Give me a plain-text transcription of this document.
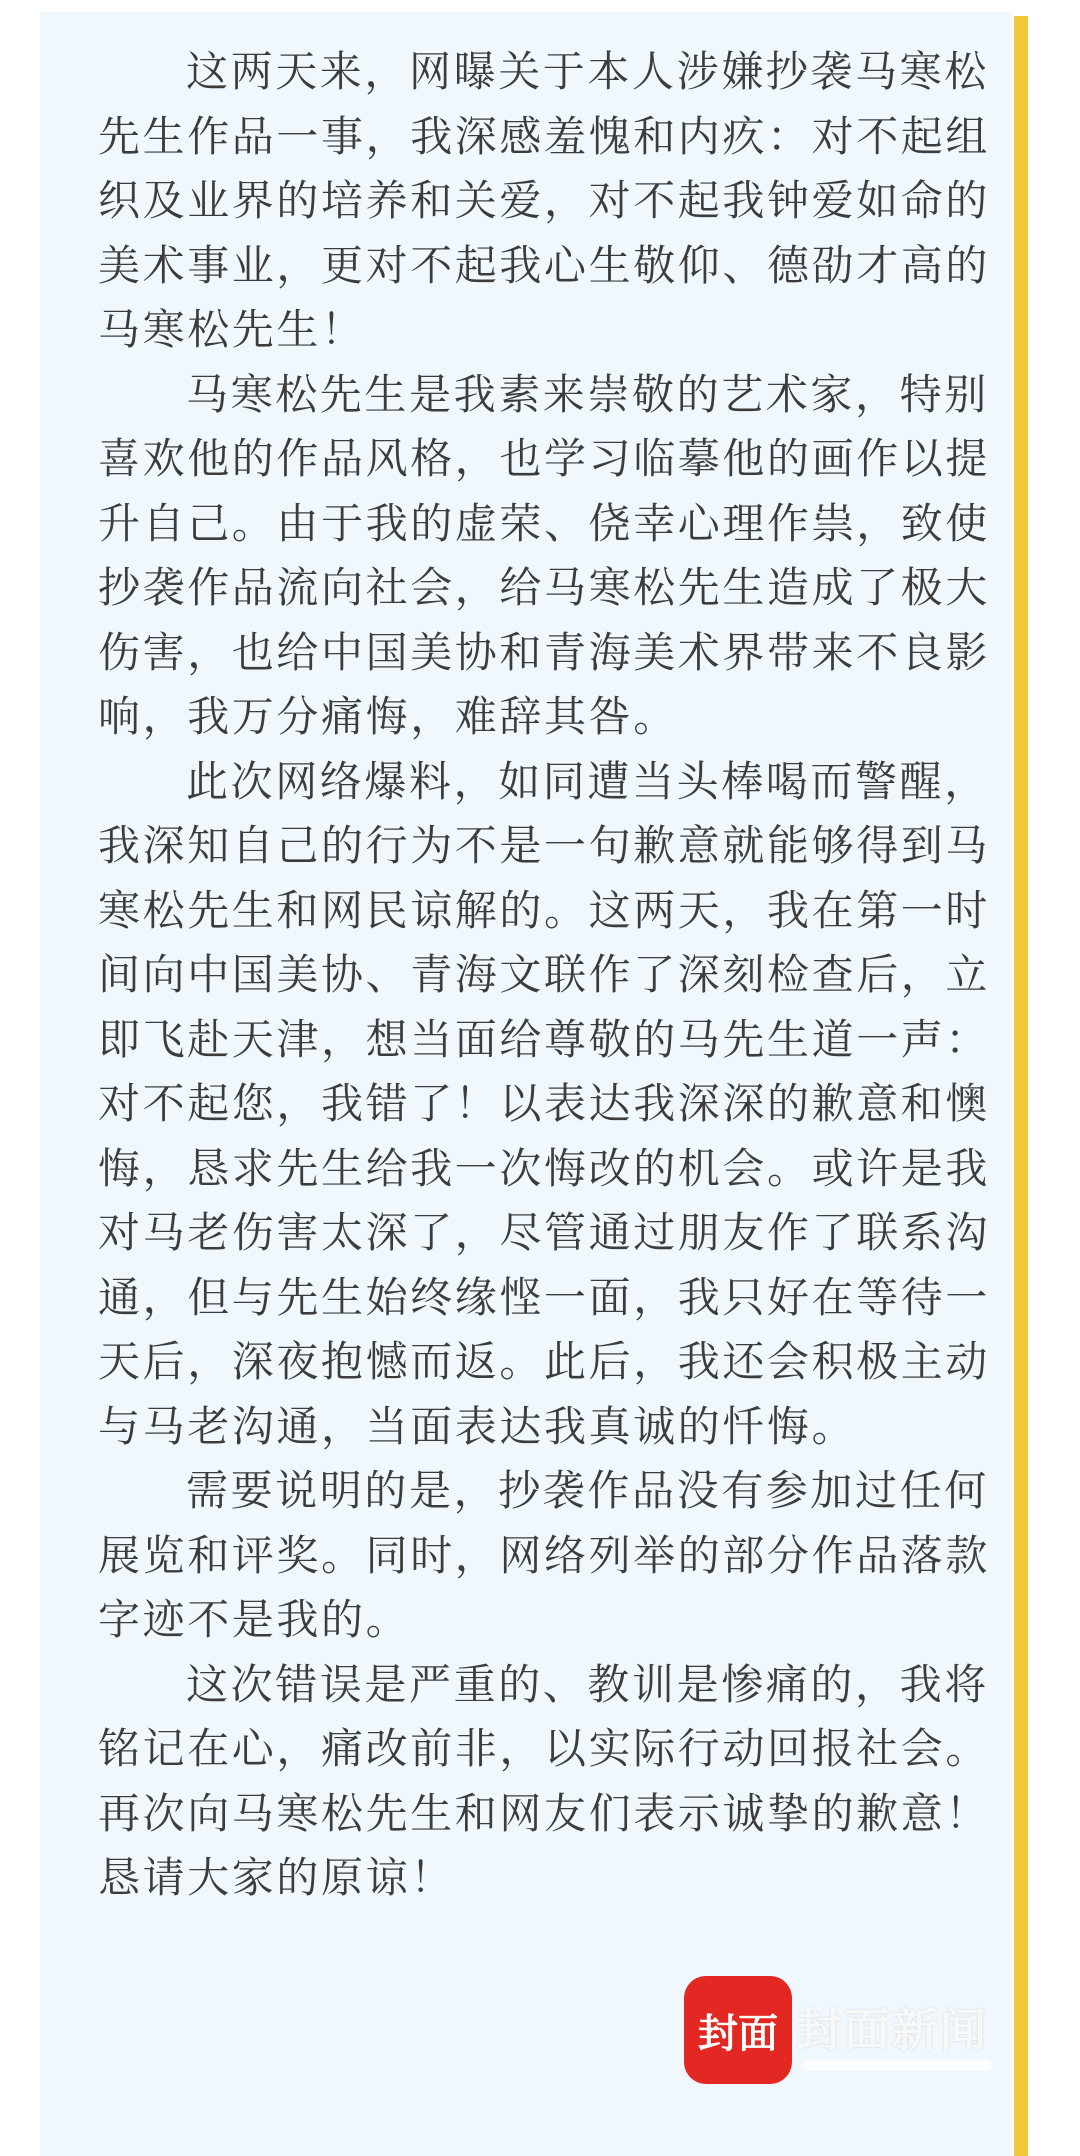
这两天来，网曝关于本人涉嫌抄袭马寒松
先生作品一事，我深感羞愧和内疚：对不起组
织及业界的培养和关爱，对不起我钟爱如命的
美术事业，更对不起我心生敬仰、德劭才高的
马寒松先生！
马寒松先生是我素来崇敬的艺术家，特别
喜欢他的作品风格，也学习临摹他的画作以提
升自己。由于我的虚荣、侥幸心理作祟，致使
抄袭作品流向社会，给马寒松先生造成了极大
伤害，也给中国美协和青海美术界带来不良影
响，我万分痛悔，难辞其咎。
此次网络爆料，如同遭当头棒喝而警醒，
我深知自己的行为不是一句歉意就能够得到马
寒松先生和网民谅解的。这两天，我在第一时
间向中国美协、青海文联作了深刻检查后，立
即飞赴天津，想当面给尊敬的马先生道一声：
对不起您，我错了！以表达我深深的歉意和懊
悔，恳求先生给我一次悔改的机会。或许是我
对马老伤害太深了，尽管通过朋友作了联系沟
通，但与先生始终缘悭一面，我只好在等待一
天后，深夜抱憾而返。此后，我还会积极主动
与马老沟通，当面表达我真诚的忏悔。
需要说明的是，抄袭作品没有参加过任何
展览和评奖。同时，网络列举的部分作品落款
字迹不是我的。
这次错误是严重的、教训是惨痛的，我将
铭记在心，痛改前非，以实际行动回报社会。
再次向马寒松先生和网友们表示诚挚的歉意！
恳请大家的原谅！
封面 封面新闻
